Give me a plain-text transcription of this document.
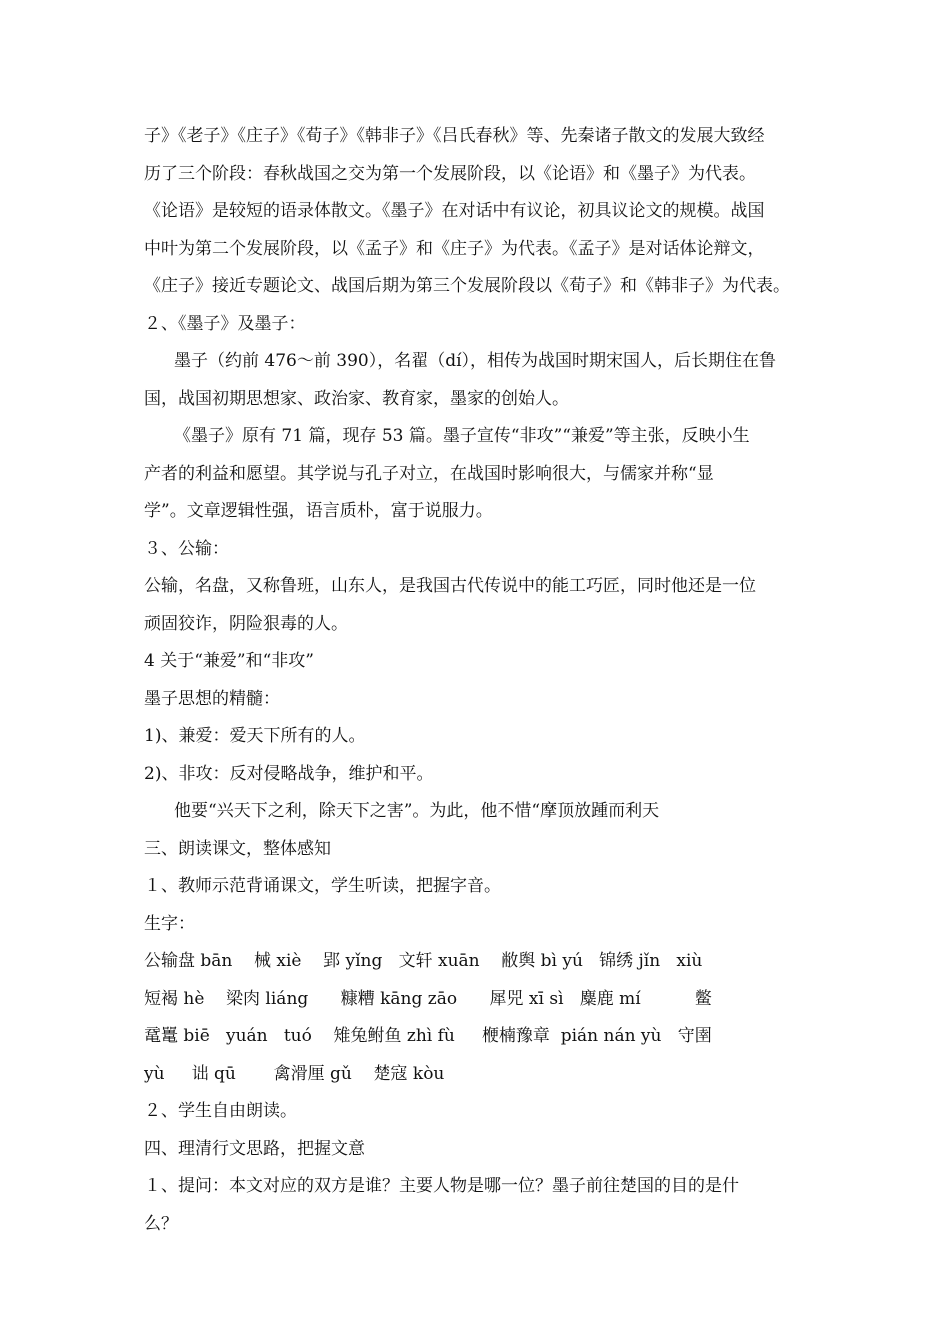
子》《老子》《庄子》《荀子》《韩非子》《吕氏春秋》等、先秦诸子散文的发展大致经
历了三个阶段：春秋战国之交为第一个发展阶段，以《论语》和《墨子》为代表。
《论语》是较短的语录体散文。《墨子》在对话中有议论，初具议论文的规模。战国
中叶为第二个发展阶段，以《孟子》和《庄子》为代表。《孟子》是对话体论辩文，
《庄子》接近专题论文、战国后期为第三个发展阶段以《荀子》和《韩非子》为代表。
２、《墨子》及墨子：
墨子（约前 476～前 390），名翟（dí），相传为战国时期宋国人，后长期住在鲁
国，战国初期思想家、政治家、教育家，墨家的创始人。
《墨子》原有 71 篇，现存 53 篇。墨子宣传“非攻”“兼爱”等主张，反映小生
产者的利益和愿望。其学说与孔子对立，在战国时影响很大，与儒家并称“显
学”。文章逻辑性强，语言质朴，富于说服力。
３、公输：
公输，名盘，又称鲁班，山东人，是我国古代传说中的能工巧匠，同时他还是一位
顽固狡诈，阴险狠毒的人。
4 关于“兼爱”和“非攻”
墨子思想的精髓：
1)、兼爱：爱天下所有的人。
2)、非攻：反对侵略战争，维护和平。
他要“兴天下之利，除天下之害”。为此，他不惜“摩顶放踵而利天
三、朗读课文，整体感知
１、教师示范背诵课文，学生听读，把握字音。
生字：
公输盘 bān    械 xiè    郢 yǐng   文轩 xuān    敝舆 bì yú   锦绣 jǐn   xiù
短褐 hè    梁肉 liáng      糠糟 kāng zāo      犀兕 xī sì   麋鹿 mí          鳖
鼋鼍 biē   yuán   tuó    雉兔鲋鱼 zhì fù     楩楠豫章  pián nán yù   守圉
yù     诎 qū       禽滑厘 gǔ    楚寇 kòu
２、学生自由朗读。
四、理清行文思路，把握文意
１、提问：本文对应的双方是谁？主要人物是哪一位？墨子前往楚国的目的是什
么？
